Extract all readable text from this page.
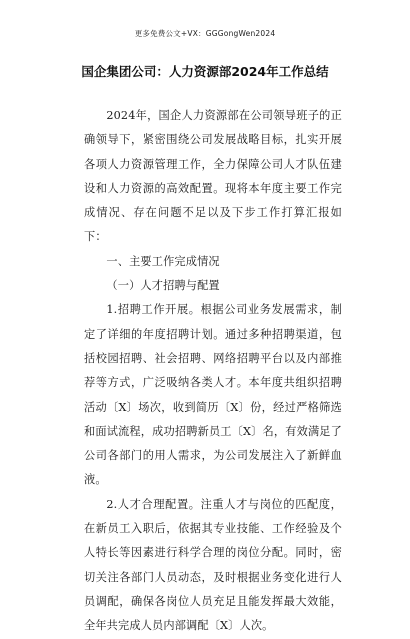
更多免费公文+VX：GGGongWen2024
国企集团公司：人力资源部2024年工作总结

2024年，国企人力资源部在公司领导班子的正确领导下，紧密围绕公司发展战略目标，扎实开展各项人力资源管理工作，全力保障公司人才队伍建设和人力资源的高效配置。现将本年度主要工作完成情况、存在问题不足以及下步工作打算汇报如下：

一、主要工作完成情况

（一）人才招聘与配置

1.招聘工作开展。根据公司业务发展需求，制定了详细的年度招聘计划。通过多种招聘渠道，包括校园招聘、社会招聘、网络招聘平台以及内部推荐等方式，广泛吸纳各类人才。本年度共组织招聘活动〔X〕场次，收到简历〔X〕份，经过严格筛选和面试流程，成功招聘新员工〔X〕名，有效满足了公司各部门的用人需求，为公司发展注入了新鲜血液。

2.人才合理配置。注重人才与岗位的匹配度，在新员工入职后，依据其专业技能、工作经验及个人特长等因素进行科学合理的岗位分配。同时，密切关注各部门人员动态，及时根据业务变化进行人员调配，确保各岗位人员充足且能发挥最大效能，全年共完成人员内部调配〔X〕人次。
